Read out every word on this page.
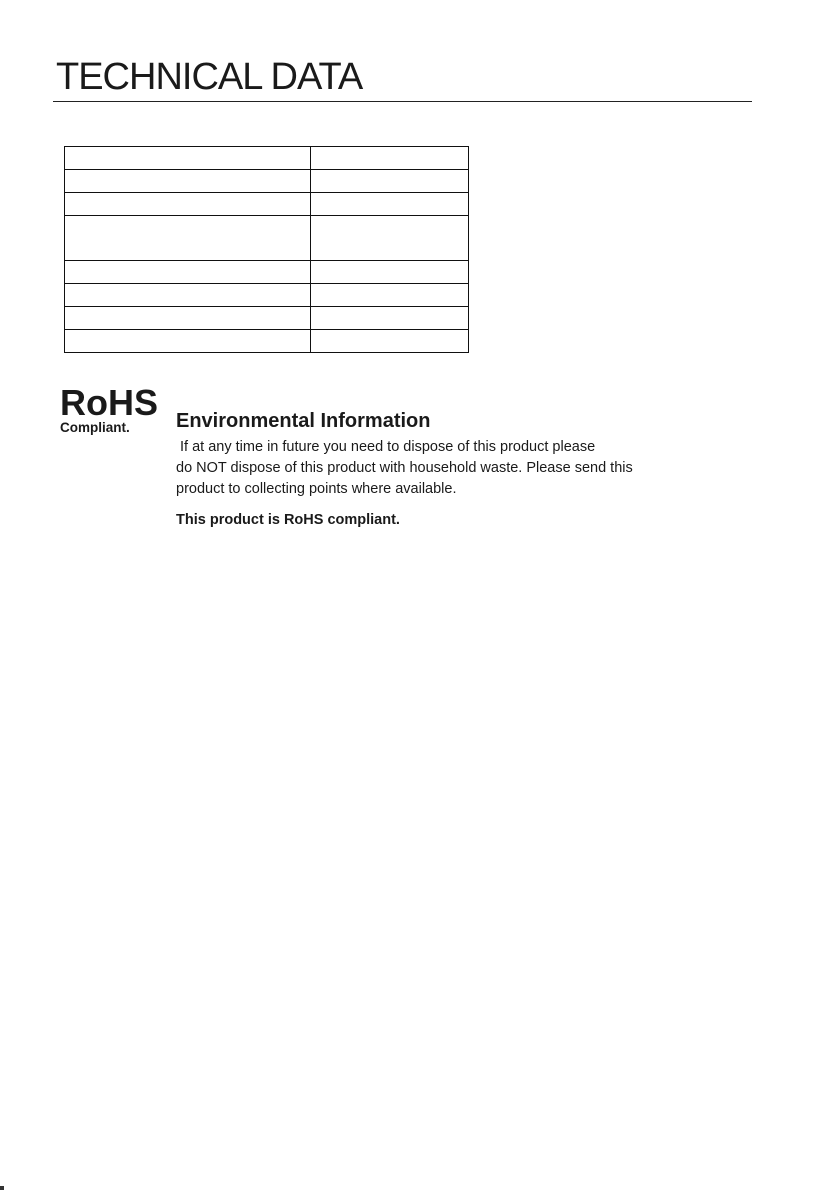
TECHNICAL DATA

RoHS
Compliant.	Environmental Information

If at any time in future you need to dispose of this product please
do NOT dispose of this product with household waste. Please send this
product to collecting points where available.

This product is RoHS compliant.
